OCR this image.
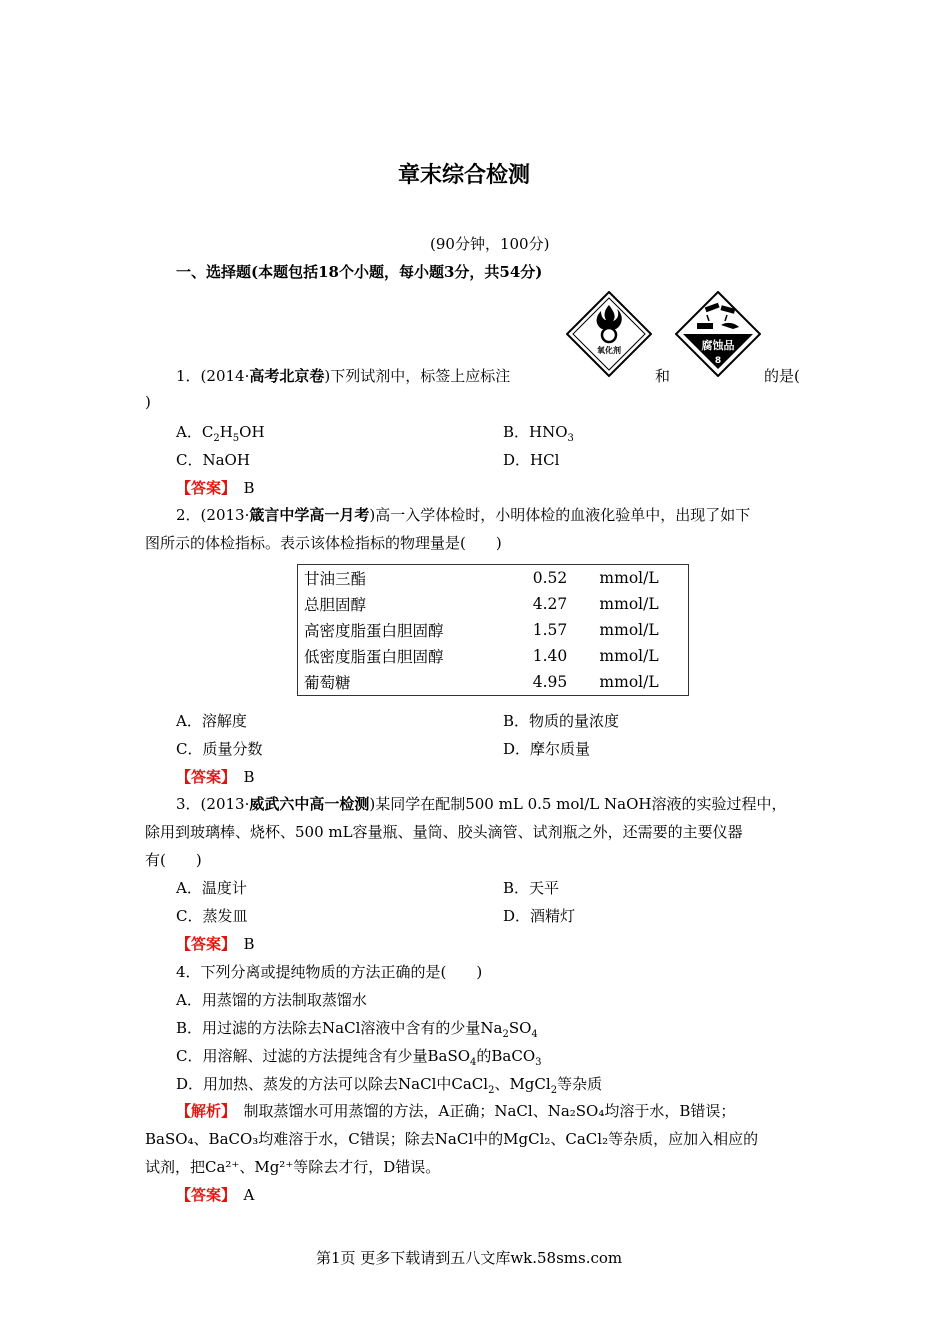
章末综合检测
(90分钟，100分)
一、选择题(本题包括18个小题，每小题3分，共54分)
1．(2014·高考北京卷)下列试剂中，标签上应标注
氧化剂
和
腐蚀品
8
的是(
)
A．$C_2H_5OH$	B．$HNO_3$
C．NaOH	D．HCl
【答案】　 B
2．(2013·箴言中学高一月考)高一入学体检时，小明体检的血液化验单中，出现了如下
图所示的体检指标。表示该体检指标的物理量是(　　)
甘油三酯	0.52	mmol/L
总胆固醇	4.27	mmol/L
高密度脂蛋白胆固醇	1.57	mmol/L
低密度脂蛋白胆固醇	1.40	mmol/L
葡萄糖	4.95	mmol/L
A．溶解度	B．物质的量浓度
C．质量分数	D．摩尔质量
【答案】　 B
3．(2013·威武六中高一检测)某同学在配制500 mL 0.5 mol/L NaOH溶液的实验过程中，
除用到玻璃棒、烧杯、500 mL容量瓶、量筒、胶头滴管、试剂瓶之外，还需要的主要仪器
有(　　)
A．温度计	B．天平
C．蒸发皿	D．酒精灯
【答案】　 B
4．下列分离或提纯物质的方法正确的是(　　)
A．用蒸馏的方法制取蒸馏水
B．用过滤的方法除去NaCl溶液中含有的少量$Na_2SO_4$
C．用溶解、过滤的方法提纯含有少量BaSO$_4$的BaCO$_3$
D．用加热、蒸发的方法可以除去NaCl中CaCl$_2$、MgCl$_2$等杂质
【解析】　制取蒸馏水可用蒸馏的方法，A正确；NaCl、Na₂SO₄均溶于水，B错误；
BaSO₄、BaCO₃均难溶于水，C错误；除去NaCl中的MgCl₂、CaCl₂等杂质，应加入相应的
试剂，把Ca²⁺、Mg²⁺等除去才行，D错误。
【答案】　 A
第1页 更多下载请到五八文库wk.58sms.com
